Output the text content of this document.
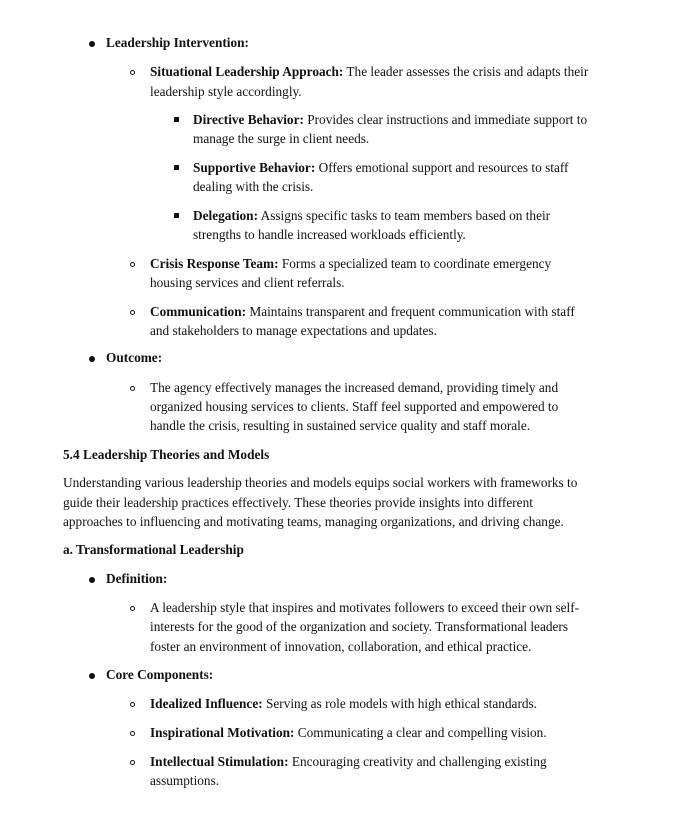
Leadership Intervention:
Situational Leadership Approach: The leader assesses the crisis and adapts their
leadership style accordingly.
Directive Behavior: Provides clear instructions and immediate support to
manage the surge in client needs.
Supportive Behavior: Offers emotional support and resources to staff
dealing with the crisis.
Delegation: Assigns specific tasks to team members based on their
strengths to handle increased workloads efficiently.
Crisis Response Team: Forms a specialized team to coordinate emergency
housing services and client referrals.
Communication: Maintains transparent and frequent communication with staff
and stakeholders to manage expectations and updates.
Outcome:
The agency effectively manages the increased demand, providing timely and
organized housing services to clients. Staff feel supported and empowered to
handle the crisis, resulting in sustained service quality and staff morale.
5.4 Leadership Theories and Models
Understanding various leadership theories and models equips social workers with frameworks to
guide their leadership practices effectively. These theories provide insights into different
approaches to influencing and motivating teams, managing organizations, and driving change.
a. Transformational Leadership
Definition:
A leadership style that inspires and motivates followers to exceed their own self-
interests for the good of the organization and society. Transformational leaders
foster an environment of innovation, collaboration, and ethical practice.
Core Components:
Idealized Influence: Serving as role models with high ethical standards.
Inspirational Motivation: Communicating a clear and compelling vision.
Intellectual Stimulation: Encouraging creativity and challenging existing
assumptions.
